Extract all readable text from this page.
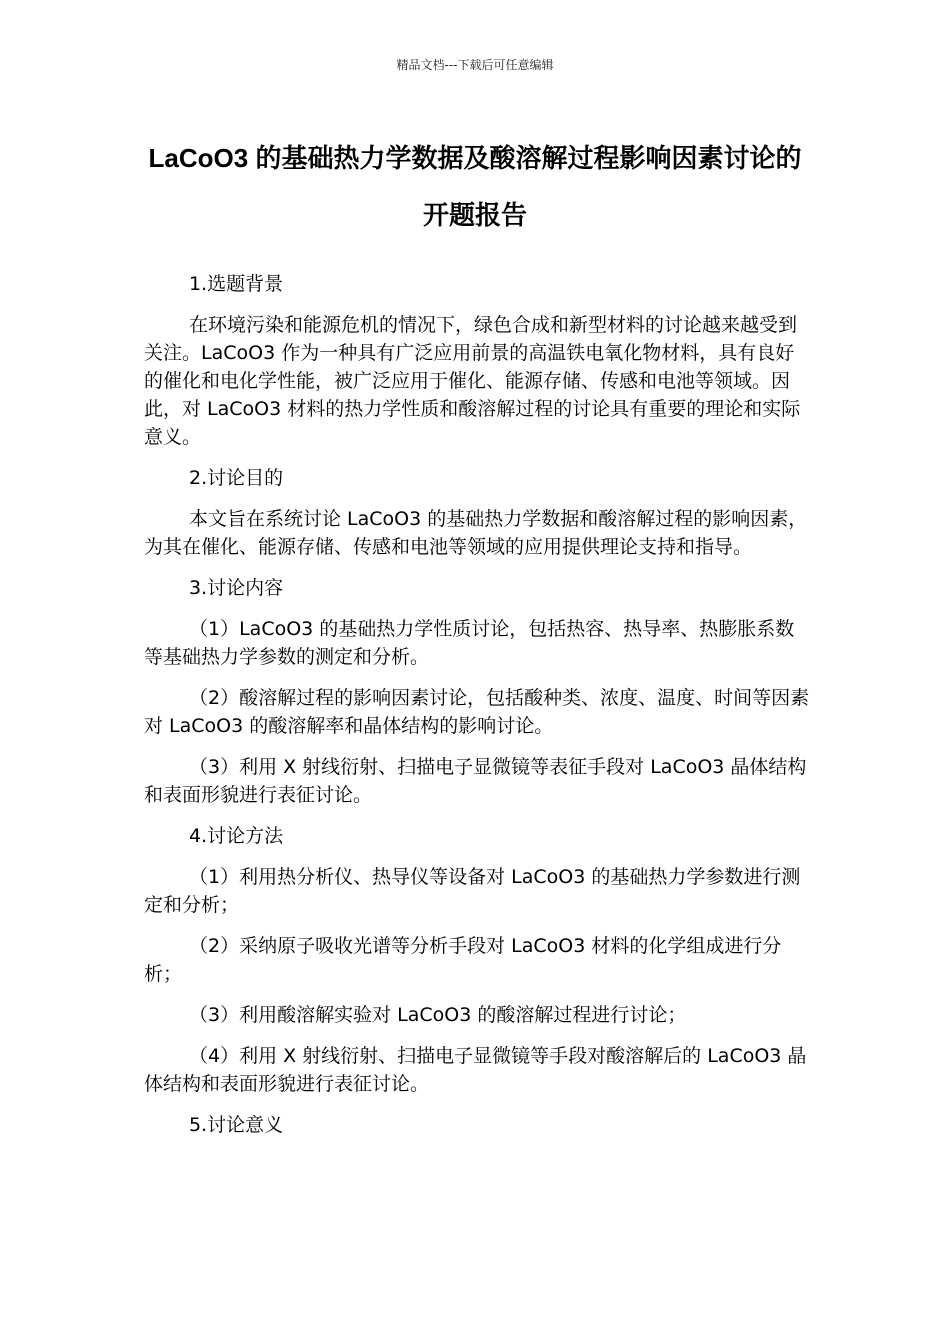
精品文档---下载后可任意编辑
LaCoO3 的基础热力学数据及酸溶解过程影响因素讨论的开题报告
1.选题背景
在环境污染和能源危机的情况下，绿色合成和新型材料的讨论越来越受到关注。LaCoO3 作为一种具有广泛应用前景的高温铁电氧化物材料，具有良好的催化和电化学性能，被广泛应用于催化、能源存储、传感和电池等领域。因此，对 LaCoO3 材料的热力学性质和酸溶解过程的讨论具有重要的理论和实际意义。
2.讨论目的
本文旨在系统讨论 LaCoO3 的基础热力学数据和酸溶解过程的影响因素，为其在催化、能源存储、传感和电池等领域的应用提供理论支持和指导。
3.讨论内容
（1）LaCoO3 的基础热力学性质讨论，包括热容、热导率、热膨胀系数等基础热力学参数的测定和分析。
（2）酸溶解过程的影响因素讨论，包括酸种类、浓度、温度、时间等因素对 LaCoO3 的酸溶解率和晶体结构的影响讨论。
（3）利用 X 射线衍射、扫描电子显微镜等表征手段对 LaCoO3 晶体结构和表面形貌进行表征讨论。
4.讨论方法
（1）利用热分析仪、热导仪等设备对 LaCoO3 的基础热力学参数进行测定和分析；
（2）采纳原子吸收光谱等分析手段对 LaCoO3 材料的化学组成进行分析；
（3）利用酸溶解实验对 LaCoO3 的酸溶解过程进行讨论；
（4）利用 X 射线衍射、扫描电子显微镜等手段对酸溶解后的 LaCoO3 晶体结构和表面形貌进行表征讨论。
5.讨论意义
